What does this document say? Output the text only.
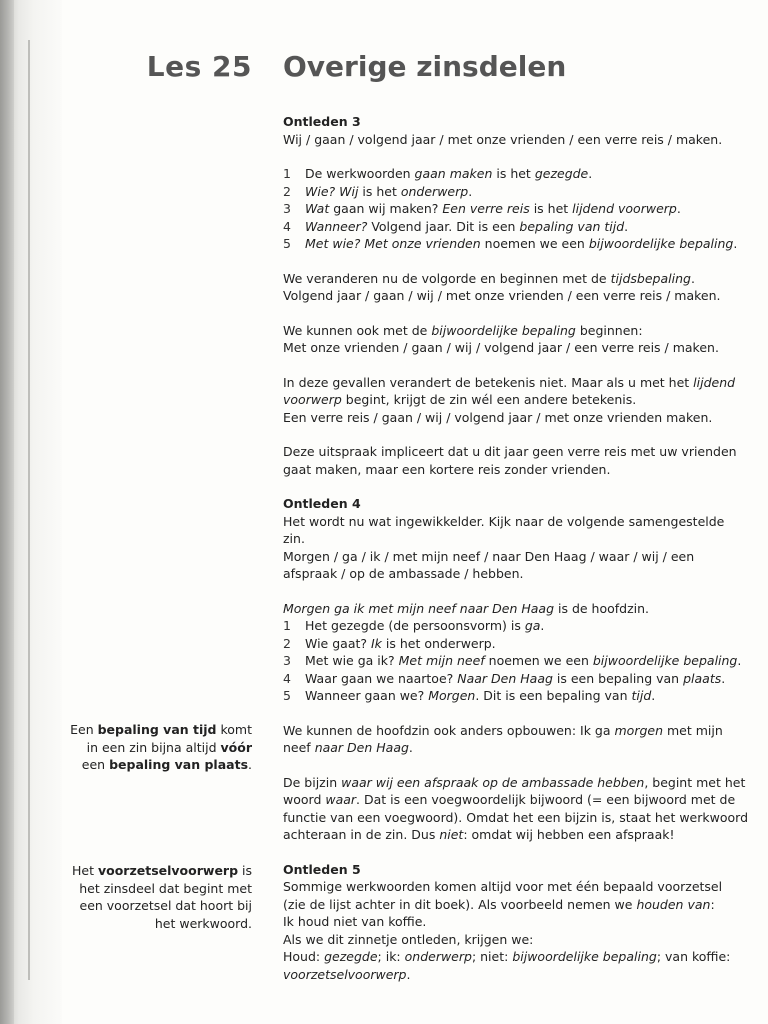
Les 25 Overige zinsdelen
Een bepaling van tijd komt in een zin bijna altijd vóór een bepaling van plaats.
Het voorzetselvoorwerp is het zinsdeel dat begint met een voorzetsel dat hoort bij het werkwoord.
Ontleden 3

Wij / gaan / volgend jaar / met onze vrienden / een verre reis / maken.

1 De werkwoorden gaan maken is het gezegde.
2 Wie? Wij is het onderwerp.
3 Wat gaan wij maken? Een verre reis is het lijdend voorwerp.
4 Wanneer? Volgend jaar. Dit is een bepaling van tijd.
5 Met wie? Met onze vrienden noemen we een bijwoordelijke bepaling.

We veranderen nu de volgorde en beginnen met de tijdsbepaling.
Volgend jaar / gaan / wij / met onze vrienden / een verre reis / maken.

We kunnen ook met de bijwoordelijke bepaling beginnen:
Met onze vrienden / gaan / wij / volgend jaar / een verre reis / maken.

In deze gevallen verandert de betekenis niet. Maar als u met het lijdend voorwerp begint, krijgt de zin wél een andere betekenis.
Een verre reis / gaan / wij / volgend jaar / met onze vrienden maken.

Deze uitspraak impliceert dat u dit jaar geen verre reis met uw vrienden gaat maken, maar een kortere reis zonder vrienden.

Ontleden 4

Het wordt nu wat ingewikkelder. Kijk naar de volgende samengestelde zin.
Morgen / ga / ik / met mijn neef / naar Den Haag / waar / wij / een afspraak / op de ambassade / hebben.

Morgen ga ik met mijn neef naar Den Haag is de hoofdzin.

1 Het gezegde (de persoonsvorm) is ga.
2 Wie gaat? Ik is het onderwerp.
3 Met wie ga ik? Met mijn neef noemen we een bijwoordelijke bepaling.
4 Waar gaan we naartoe? Naar Den Haag is een bepaling van plaats.
5 Wanneer gaan we? Morgen. Dit is een bepaling van tijd.

We kunnen de hoofdzin ook anders opbouwen: Ik ga morgen met mijn neef naar Den Haag.

De bijzin waar wij een afspraak op de ambassade hebben, begint met het woord waar. Dat is een voegwoordelijk bijwoord (= een bijwoord met de functie van een voegwoord). Omdat het een bijzin is, staat het werkwoord achteraan in de zin. Dus niet: omdat wij hebben een afspraak!

Ontleden 5

Sommige werkwoorden komen altijd voor met één bepaald voorzetsel (zie de lijst achter in dit boek). Als voorbeeld nemen we houden van:
Ik houd niet van koffie.
Als we dit zinnetje ontleden, krijgen we:
Houd: gezegde; ik: onderwerp; niet: bijwoordelijke bepaling; van koffie: voorzetselvoorwerp.
